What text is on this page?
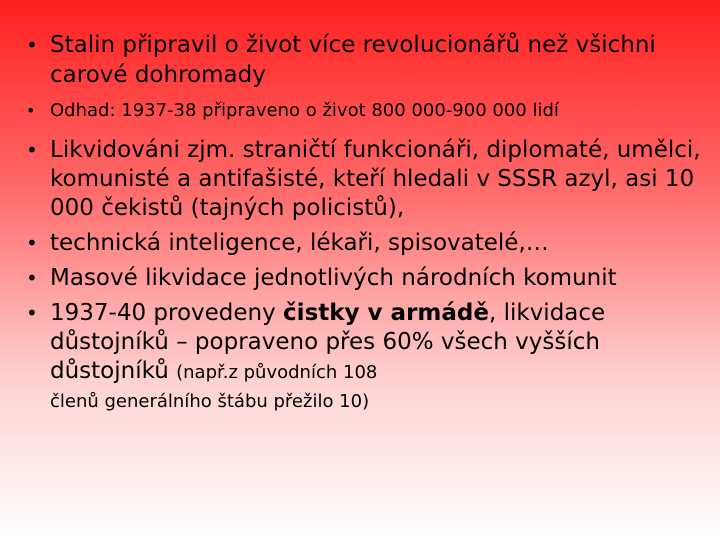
• Stalin připravil o život více revolucionářů než všichni carové dohromady
• Odhad: 1937-38 připraveno o život 800 000-900 000 lidí
• Likvidováni zjm. straničtí funkcionáři, diplomaté, umělci, komunisté a antifašisté, kteří hledali v SSSR azyl, asi 10 000 čekistů (tajných policistů),
• technická inteligence, lékaři, spisovatelé,…
• Masové likvidace jednotlivých národních komunit
• 1937-40 provedeny čistky v armádě, likvidace důstojníků – popraveno přes 60% všech vyšších důstojníků (např.z původních 108
členů generálního štábu přežilo 10)
